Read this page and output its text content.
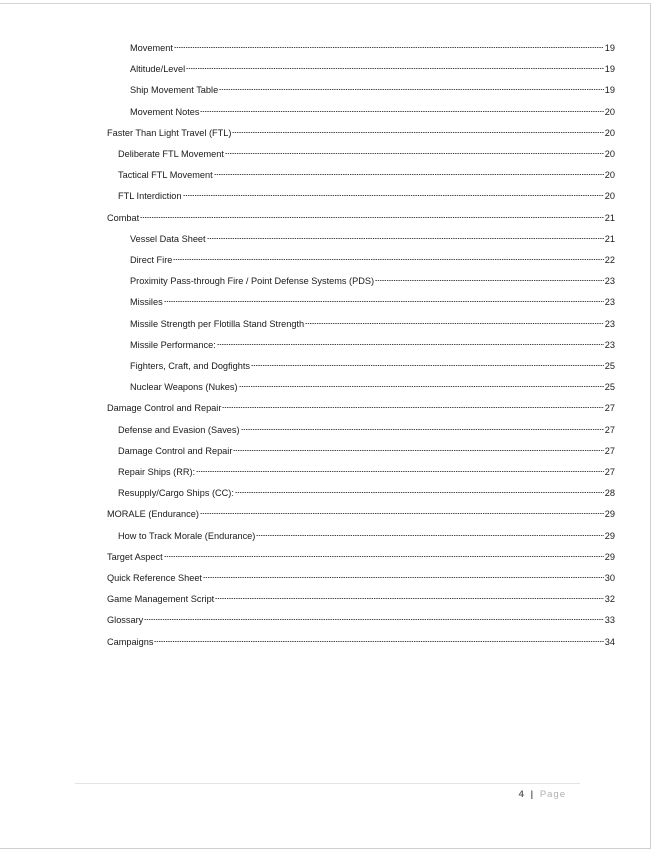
Movement	19
Altitude/Level	19
Ship Movement Table	19
Movement Notes	20
Faster Than Light Travel (FTL)	20
Deliberate FTL Movement	20
Tactical FTL Movement	20
FTL Interdiction	20
Combat	21
Vessel Data Sheet	21
Direct Fire	22
Proximity Pass-through Fire / Point Defense Systems (PDS)	23
Missiles	23
Missile Strength per Flotilla Stand Strength	23
Missile Performance:	23
Fighters, Craft, and Dogfights	25
Nuclear Weapons (Nukes)	25
Damage Control and Repair	27
Defense and Evasion (Saves)	27
Damage Control and Repair	27
Repair Ships (RR):	27
Resupply/Cargo Ships (CC):	28
MORALE (Endurance)	29
How to Track Morale (Endurance)	29
Target Aspect	29
Quick Reference Sheet	30
Game Management Script	32
Glossary	33
Campaigns	34
4 | Page
